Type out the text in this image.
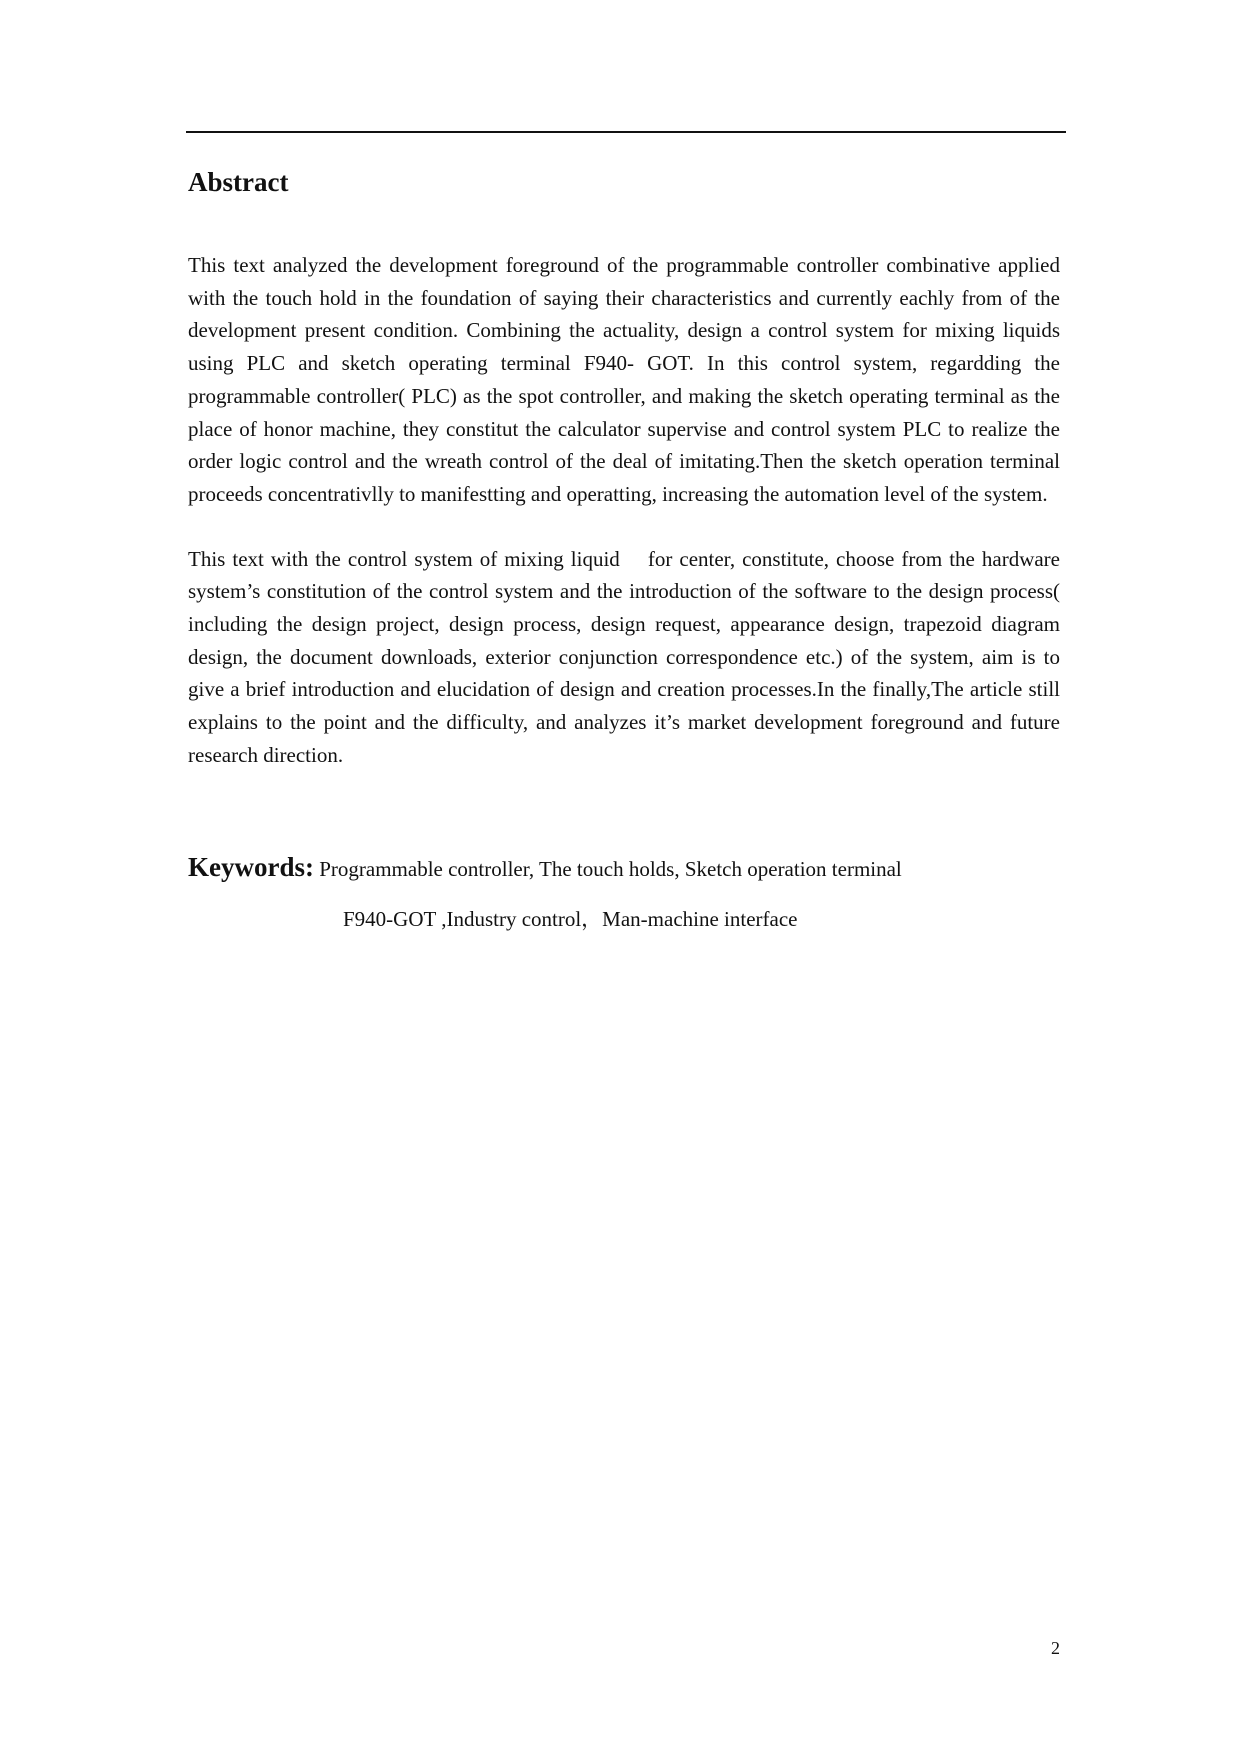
Abstract

This text analyzed the development foreground of the programmable controller combinative applied with the touch hold in the foundation of saying their characteristics and currently eachly from of the development present condition. Combining the actuality, design a control system for mixing liquids using PLC and sketch operating terminal F940- GOT. In this control system, regardding the programmable controller( PLC) as the spot controller, and making the sketch operating terminal as the place of honor machine, they constitut the calculator supervise and control system PLC to realize the order logic control and the wreath control of the deal of imitating.Then the sketch operation terminal proceeds concentrativlly to manifestting and operatting, increasing the automation level of the system.

This text with the control system of mixing liquid    for center, constitute, choose from the hardware system’s constitution of the control system and the introduction of the software to the design process( including the design project, design process, design request, appearance design, trapezoid diagram design, the document downloads, exterior conjunction correspondence etc.) of the system, aim is to give a brief introduction and elucidation of design and creation processes.In the finally,The article still explains to the point and the difficulty, and analyzes it’s market development foreground and future research direction.

Keywords: Programmable controller, The touch holds, Sketch operation terminal
F940-GOT ,Industry control，Man-machine interface
2
